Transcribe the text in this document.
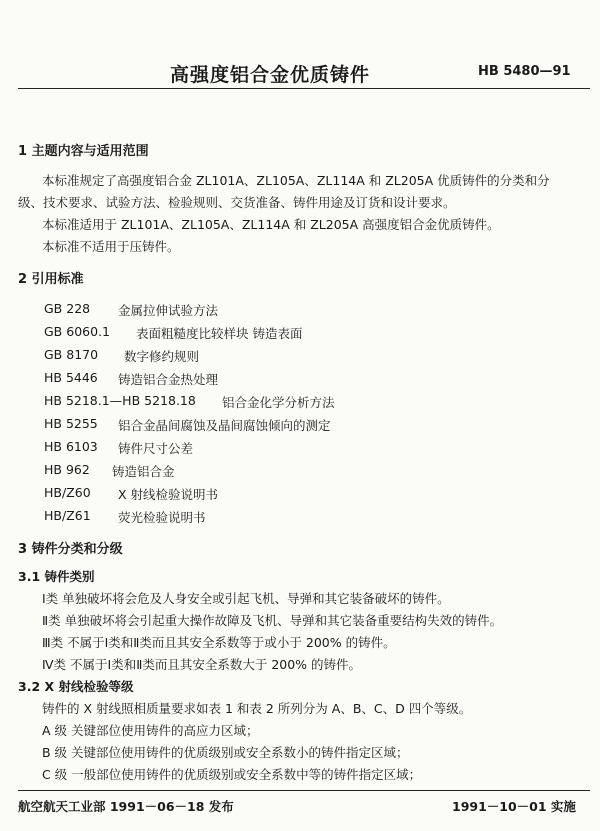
高强度铝合金优质铸件	HB 5480—91
1 主题内容与适用范围
本标准规定了高强度铝合金 ZL101A、ZL105A、ZL114A 和 ZL205A 优质铸件的分类和分
级、技术要求、试验方法、检验规则、交货准备、铸件用途及订货和设计要求。
本标准适用于 ZL101A、ZL105A、ZL114A 和 ZL205A 高强度铝合金优质铸件。
本标准不适用于压铸件。
2 引用标准
GB 228 金属拉伸试验方法
GB 6060.1 表面粗糙度比较样块 铸造表面
GB 8170 数字修约规则
HB 5446 铸造铝合金热处理
HB 5218.1—HB 5218.18 铝合金化学分析方法
HB 5255 铝合金晶间腐蚀及晶间腐蚀倾向的测定
HB 6103 铸件尺寸公差
HB 962 铸造铝合金
HB/Z60 X 射线检验说明书
HB/Z61 荧光检验说明书
3 铸件分类和分级
3.1 铸件类别
Ⅰ类 单独破坏将会危及人身安全或引起飞机、导弹和其它装备破坏的铸件。
Ⅱ类 单独破坏将会引起重大操作故障及飞机、导弹和其它装备重要结构失效的铸件。
Ⅲ类 不属于Ⅰ类和Ⅱ类而且其安全系数等于或小于 200% 的铸件。
Ⅳ类 不属于Ⅰ类和Ⅱ类而且其安全系数大于 200% 的铸件。
3.2 X 射线检验等级
铸件的 X 射线照相质量要求如表 1 和表 2 所列分为 A、B、C、D 四个等级。
A 级 关键部位使用铸件的高应力区域；
B 级 关键部位使用铸件的优质级别或安全系数小的铸件指定区域；
C 级 一般部位使用铸件的优质级别或安全系数中等的铸件指定区域；
航空航天工业部 1991－06－18 发布	1991－10－01 实施
